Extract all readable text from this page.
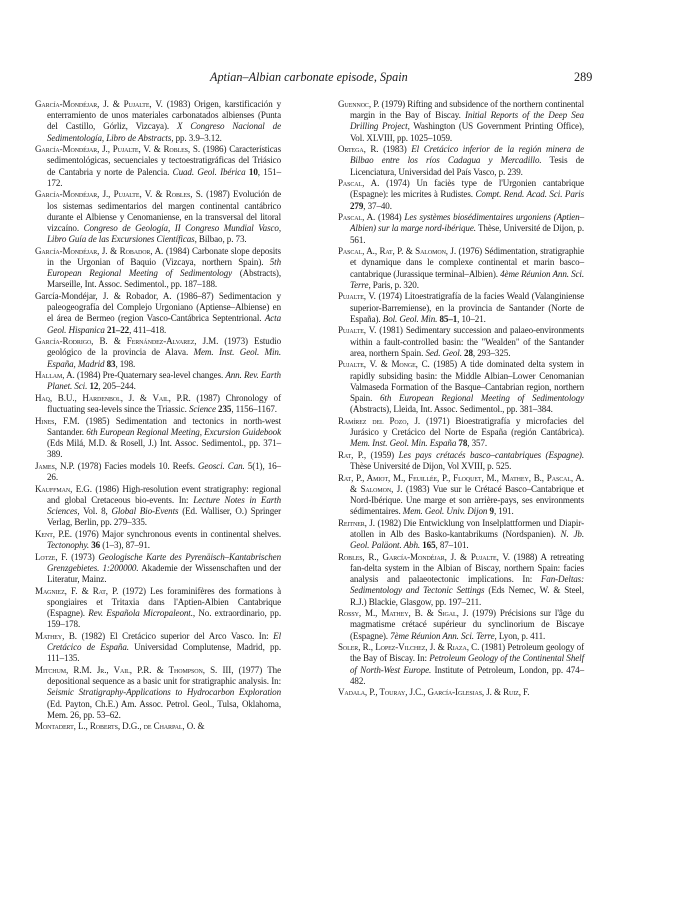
Aptian–Albian carbonate episode, Spain	289

García-Mondéjar, J. & Pujalte, V. (1983) Origen, karstificación y enterramiento de unos materiales carbonatados albienses (Punta del Castillo, Górliz, Vizcaya). X Congreso Nacional de Sedimentología, Libro de Abstracts, pp. 3.9–3.12.

García-Mondéjar, J., Pujalte, V. & Robles, S. (1986) Características sedimentológicas, secuenciales y tectoestratigráficas del Triásico de Cantabria y norte de Palencia. Cuad. Geol. Ibérica 10, 151–172.

García-Mondéjar, J., Pujalte, V. & Robles, S. (1987) Evolución de los sistemas sedimentarios del margen continental cantábrico durante el Albiense y Cenomaniense, en la transversal del litoral vizcaíno. Congreso de Geología, II Congreso Mundial Vasco, Libro Guía de las Excursiones Científicas, Bilbao, p. 73.

García-Mondéjar, J. & Robador, A. (1984) Carbonate slope deposits in the Urgonian of Baquio (Vizcaya, northern Spain). 5th European Regional Meeting of Sedimentology (Abstracts), Marseille, Int. Assoc. Sedimentol., pp. 187–188.

García-Mondéjar, J. & Robador, A. (1986–87) Sedimentacion y paleogeografía del Complejo Urgoniano (Aptiense–Albiense) en el área de Bermeo (region Vasco-Cantábrica Septentrional. Acta Geol. Hispanica 21–22, 411–418.

García-Rodrigo, B. & Fernández-Alvarez, J.M. (1973) Estudio geológico de la provincia de Alava. Mem. Inst. Geol. Min. España, Madrid 83, 198.

Hallam, A. (1984) Pre-Quaternary sea-level changes. Ann. Rev. Earth Planet. Sci. 12, 205–244.

Haq, B.U., Hardenbol, J. & Vail, P.R. (1987) Chronology of fluctuating sea-levels since the Triassic. Science 235, 1156–1167.

Hines, F.M. (1985) Sedimentation and tectonics in north-west Santander. 6th European Regional Meeting, Excursion Guidebook (Eds Milá, M.D. & Rosell, J.) Int. Assoc. Sedimentol., pp. 371–389.

James, N.P. (1978) Facies models 10. Reefs. Geosci. Can. 5(1), 16–26.

Kauffman, E.G. (1986) High-resolution event stratigraphy: regional and global Cretaceous bio-events. In: Lecture Notes in Earth Sciences, Vol. 8, Global Bio-Events (Ed. Walliser, O.) Springer Verlag, Berlin, pp. 279–335.

Kent, P.E. (1976) Major synchronous events in continental shelves. Tectonophy. 36 (1–3), 87–91.

Lotze, F. (1973) Geologische Karte des Pyrenäisch–Kantabrischen Grenzgebietes. 1:200000. Akademie der Wissenschaften und der Literatur, Mainz.

Magniez, F. & Rat, P. (1972) Les foraminifères des formations à spongiaires et Tritaxia dans l'Aptien-Albien Cantabrique (Espagne). Rev. Española Micropaleont., No. extraordinario, pp. 159–178.

Mathey, B. (1982) El Cretácico superior del Arco Vasco. In: El Cretácico de España. Universidad Complutense, Madrid, pp. 111–135.

Mitchum, R.M. Jr., Vail, P.R. & Thompson, S. III, (1977) The depositional sequence as a basic unit for stratigraphic analysis. In: Seismic Stratigraphy-Applications to Hydrocarbon Exploration (Ed. Payton, Ch.E.) Am. Assoc. Petrol. Geol., Tulsa, Oklahoma, Mem. 26, pp. 53–62.

Montadert, L., Roberts, D.G., de Charpal, O. &

Guennoc, P. (1979) Rifting and subsidence of the northern continental margin in the Bay of Biscay. Initial Reports of the Deep Sea Drilling Project, Washington (US Government Printing Office), Vol. XLVIII, pp. 1025–1059.

Ortega, R. (1983) El Cretácico inferior de la región minera de Bilbao entre los ríos Cadagua y Mercadillo. Tesis de Licenciatura, Universidad del País Vasco, p. 239.

Pascal, A. (1974) Un faciès type de l'Urgonien cantabrique (Espagne): les micrites à Rudistes. Compt. Rend. Acad. Sci. Paris 279, 37–40.

Pascal, A. (1984) Les systèmes biosédimentaires urgoniens (Aptien–Albien) sur la marge nord-ibérique. Thèse, Université de Dijon, p. 561.

Pascal, A., Rat, P. & Salomon, J. (1976) Sédimentation, stratigraphie et dynamique dans le complexe continental et marin basco–cantabrique (Jurassique terminal–Albien). 4ème Réunion Ann. Sci. Terre, Paris, p. 320.

Pujalte, V. (1974) Litoestratigrafía de la facies Weald (Valanginiense superior-Barremiense), en la provincia de Santander (Norte de España). Bol. Geol. Min. 85–1, 10–21.

Pujalte, V. (1981) Sedimentary succession and palaeo-environments within a fault-controlled basin: the "Wealden" of the Santander area, northern Spain. Sed. Geol. 28, 293–325.

Pujalte, V. & Monge, C. (1985) A tide dominated delta system in rapidly subsiding basin: the Middle Albian–Lower Cenomanian Valmaseda Formation of the Basque–Cantabrian region, northern Spain. 6th European Regional Meeting of Sedimentology (Abstracts), Lleida, Int. Assoc. Sedimentol., pp. 381–384.

Ramírez del Pozo, J. (1971) Bioestratigrafía y microfacies del Jurásico y Cretácico del Norte de España (región Cantábrica). Mem. Inst. Geol. Min. España 78, 357.

Rat, P., (1959) Les pays crétacés basco–cantabriques (Espagne). Thèse Université de Dijon, Vol XVIII, p. 525.

Rat, P., Amiot, M., Feuillée, P., Floquet, M., Mathey, B., Pascal, A. & Salomon, J. (1983) Vue sur le Crétacé Basco–Cantabrique et Nord-Ibérique. Une marge et son arrière-pays, ses environments sédimentaires. Mem. Geol. Univ. Dijon 9, 191.

Reitner, J. (1982) Die Entwicklung von Inselplattformen und Diapir-atollen in Alb des Basko-kantabrikums (Nordspanien). N. Jb. Geol. Paläont. Abh. 165, 87–101.

Robles, R., García-Mondéjar, J. & Pujalte, V. (1988) A retreating fan-delta system in the Albian of Biscay, northern Spain: facies analysis and palaeotectonic implications. In: Fan-Deltas: Sedimentology and Tectonic Settings (Eds Nemec, W. & Steel, R.J.) Blackie, Glasgow, pp. 197–211.

Rossy, M., Mathey, B. & Sigal, J. (1979) Précisions sur l'âge du magmatisme crétacé supérieur du synclinorium de Biscaye (Espagne). 7ème Réunion Ann. Sci. Terre, Lyon, p. 411.

Soler, R., Lopez-Vilchez, J. & Riaza, C. (1981) Petroleum geology of the Bay of Biscay. In: Petroleum Geology of the Continental Shelf of North-West Europe. Institute of Petroleum, London, pp. 474–482.

Vadala, P., Touray, J.C., García-Iglesias, J. & Ruiz, F.
